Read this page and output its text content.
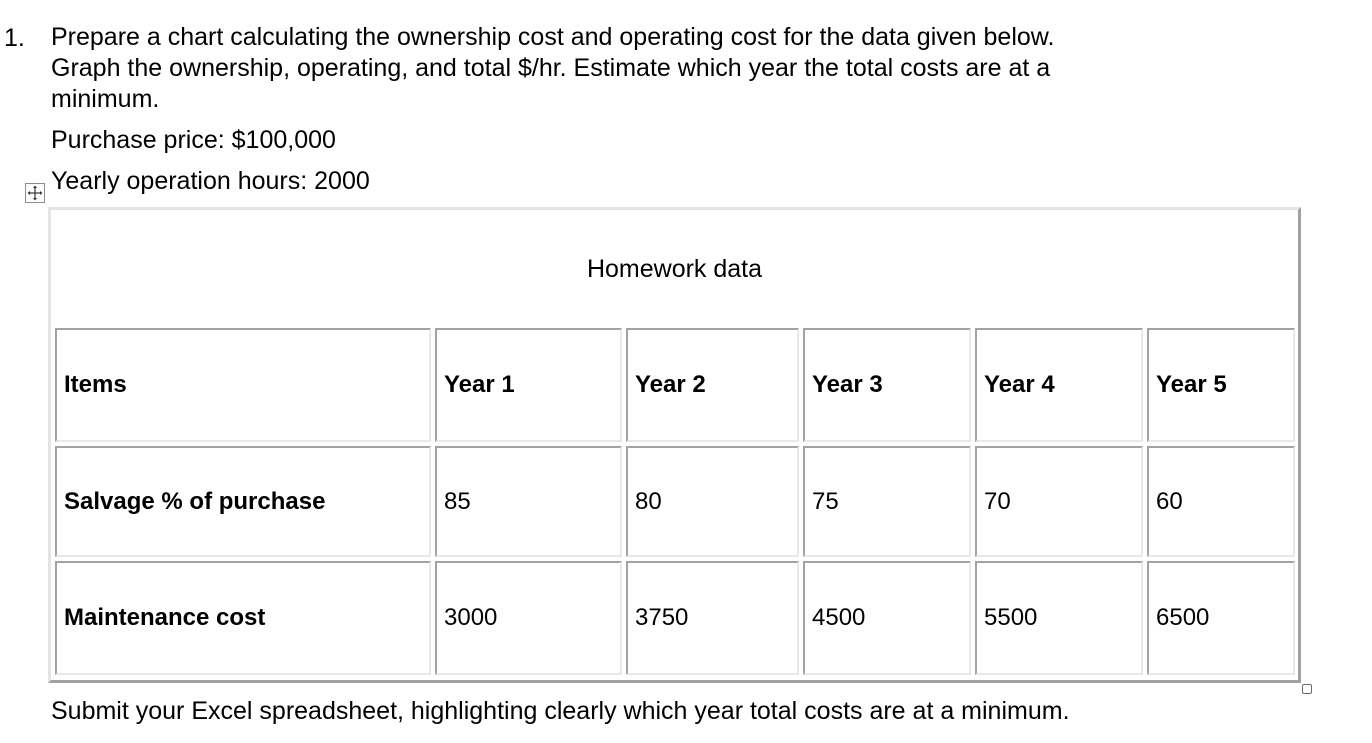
1. Prepare a chart calculating the ownership cost and operating cost for the data given below.
Graph the ownership, operating, and total $/hr. Estimate which year the total costs are at a
minimum.
Purchase price: $100,000
Yearly operation hours: 2000
Homework data
Items	Year 1	Year 2	Year 3	Year 4	Year 5
Salvage % of purchase	85	80	75	70	60
Maintenance cost	3000	3750	4500	5500	6500
Submit your Excel spreadsheet, highlighting clearly which year total costs are at a minimum.
